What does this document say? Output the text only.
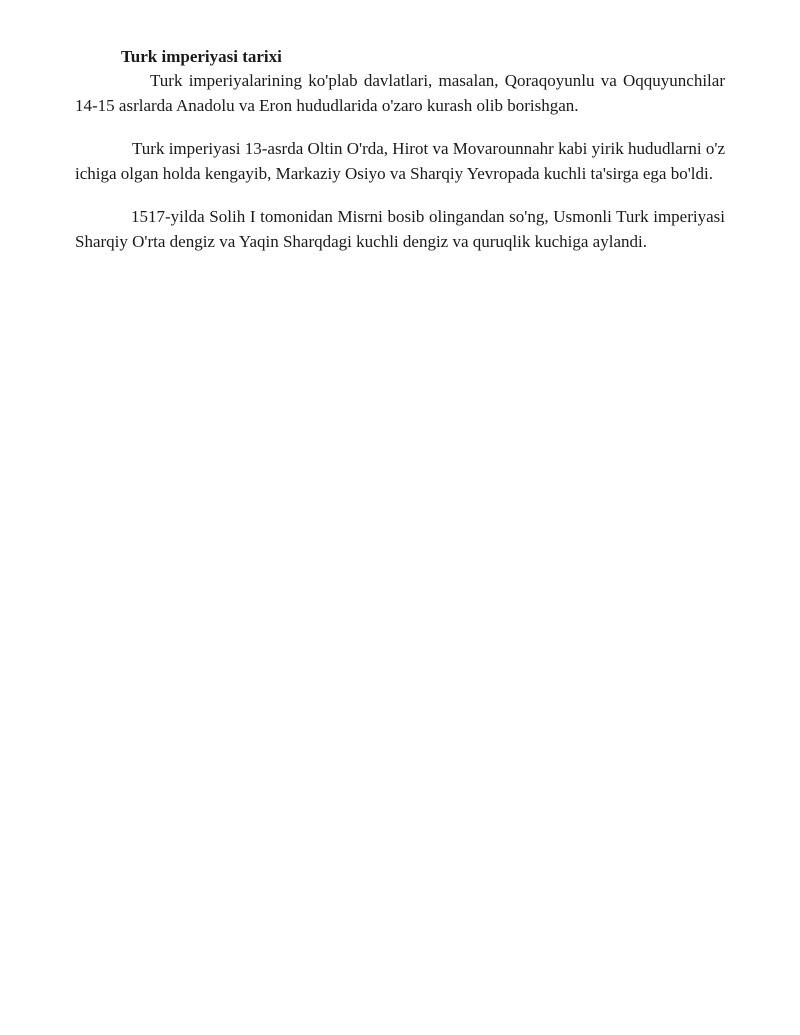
Turk imperiyasi tarixi

Turk imperiyalarining ko'plab davlatlari, masalan, Qoraqoyunlu va Oqquyunchilar 14-15 asrlarda Anadolu va Eron hududlarida o'zaro kurash olib borishgan.

Turk imperiyasi 13-asrda Oltin O'rda, Hirot va Movarounnahr kabi yirik hududlarni o'z ichiga olgan holda kengayib, Markaziy Osiyo va Sharqiy Yevropada kuchli ta'sirga ega bo'ldi.

1517-yilda Solih I tomonidan Misrni bosib olingandan so'ng, Usmonli Turk imperiyasi Sharqiy O'rta dengiz va Yaqin Sharqdagi kuchli dengiz va quruqlik kuchiga aylandi.
